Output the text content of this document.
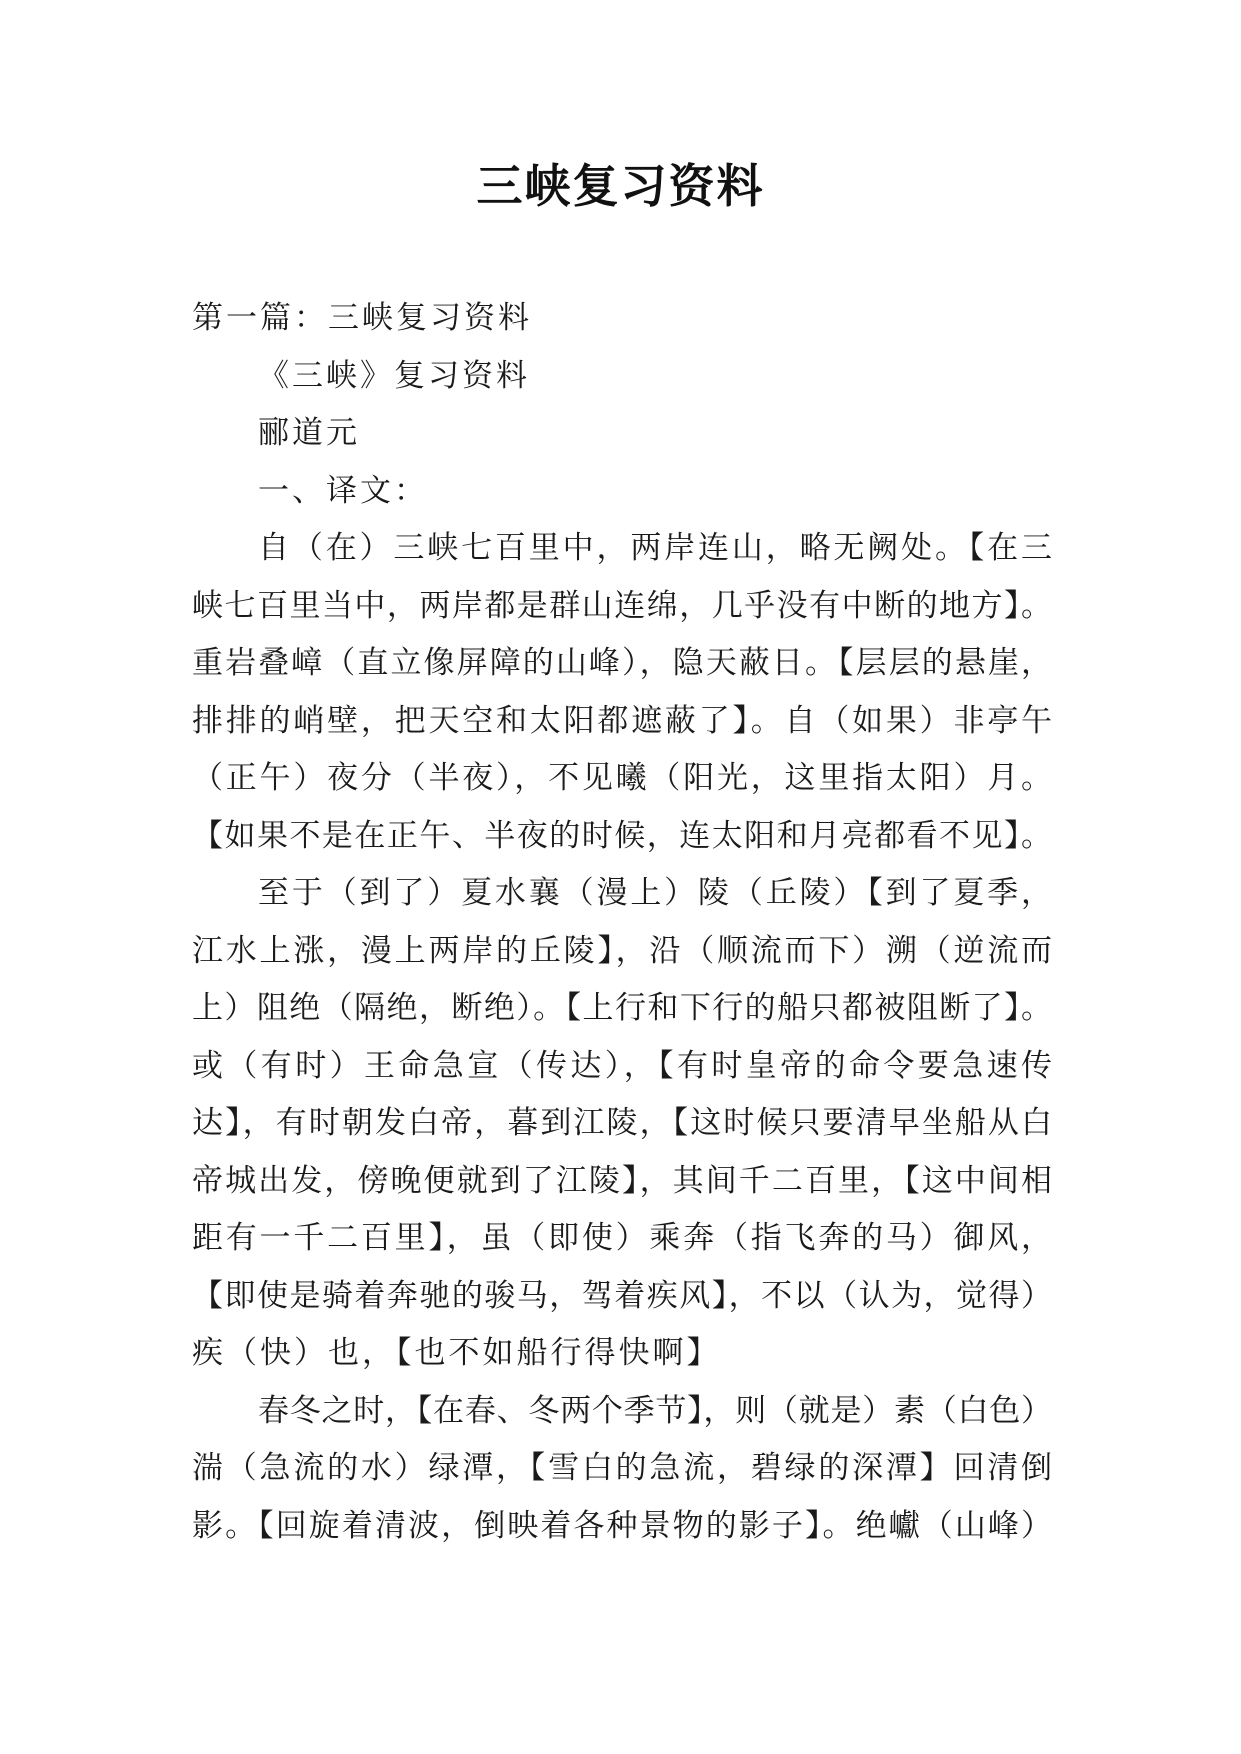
三峡复习资料

第一篇：三峡复习资料

《三峡》复习资料

郦道元

一、译文：

自（在）三峡七百里中，两岸连山，略无阙处。【在三

峡七百里当中，两岸都是群山连绵，几乎没有中断的地方】。

重岩叠嶂（直立像屏障的山峰），隐天蔽日。【层层的悬崖，

排排的峭壁，把天空和太阳都遮蔽了】。自（如果）非亭午

（正午）夜分（半夜），不见曦（阳光，这里指太阳）月。

【如果不是在正午、半夜的时候，连太阳和月亮都看不见】。

至于（到了）夏水襄（漫上）陵（丘陵）【到了夏季，

江水上涨，漫上两岸的丘陵】，沿（顺流而下）溯（逆流而

上）阻绝（隔绝，断绝）。【上行和下行的船只都被阻断了】。

或（有时）王命急宣（传达），【有时皇帝的命令要急速传

达】，有时朝发白帝，暮到江陵，【这时候只要清早坐船从白

帝城出发，傍晚便就到了江陵】，其间千二百里，【这中间相

距有一千二百里】，虽（即使）乘奔（指飞奔的马）御风，

【即使是骑着奔驰的骏马，驾着疾风】，不以（认为，觉得）

疾（快）也，【也不如船行得快啊】

春冬之时，【在春、冬两个季节】，则（就是）素（白色）

湍（急流的水）绿潭，【雪白的急流，碧绿的深潭】回清倒

影。【回旋着清波，倒映着各种景物的影子】。绝巘（山峰）
